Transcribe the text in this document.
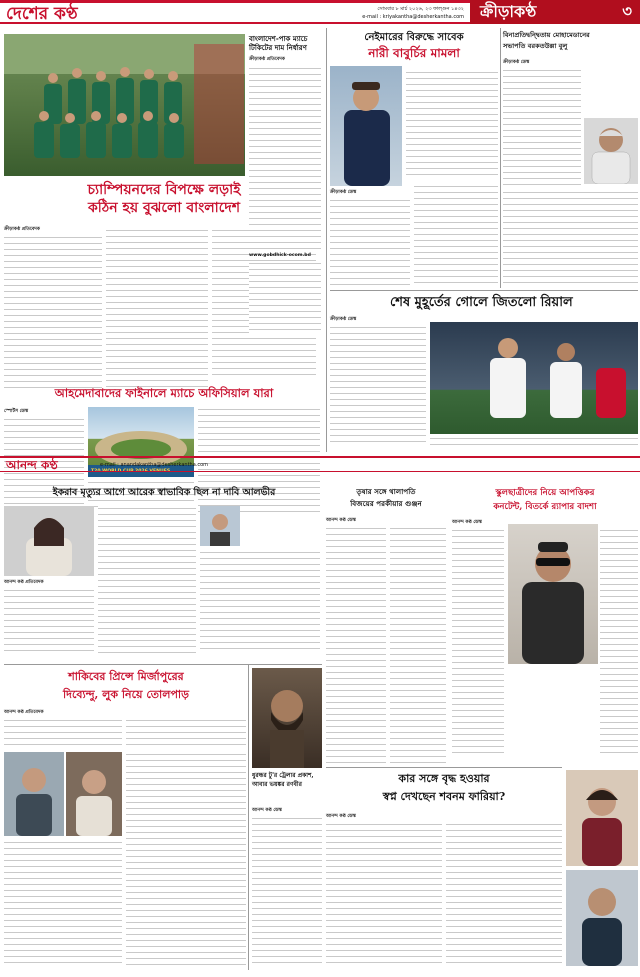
দেশের কণ্ঠ	সোমবার ৮ মার্চ ২০২৬, ২৩ ফাল্গুন ১৪৩২
e-mail : kriyakantha@desherkantha.com ক্রীড়াকণ্ঠ	৩
চ্যাম্পিয়নদের বিপক্ষে লড়াই
কঠিন হয় বুঝলো বাংলাদেশ
ক্রীড়াকণ্ঠ প্রতিবেদক
বাংলাদেশ-পাক ম্যাচে টিকিটের দাম নির্ধারণ
ক্রীড়াকণ্ঠ প্রতিবেদক
www.gobdhick-ocom.bd
আহমেদাবাদের ফাইনালে ম্যাচে অফিসিয়াল যারা
স্পোর্টস ডেস্ক
T20 WORLD CUP 2026 VENUES
নেইমারের বিরুদ্ধে সাবেক
নারী বাবুর্চির মামলা
ক্রীড়াকণ্ঠ ডেস্ক
বিনাপ্রতিদ্বন্দ্বিতায় মোহামেডানের
সভাপতি বরকতউল্লা বুলু
ক্রীড়াকণ্ঠ ডেস্ক
শেষ মুহূর্তের গোলে জিতলো রিয়াল
ক্রীড়াকণ্ঠ ডেস্ক
আনন্দ কণ্ঠ	e-mail : anandakantha@desherkantha.com
ইকরাব মৃত্যুর আগে আরেক স্বাভাবিক ছিল না দাবি আলভীর
আনন্দ কণ্ঠ প্রতিবেদক
তৃষার সঙ্গে থালাপতি
বিজয়ের পরকীয়ার গুঞ্জন
আনন্দ কণ্ঠ ডেস্ক
স্কুলছাত্রীদের নিয়ে আপত্তিকর
কনটেন্ট, বিতর্কে র‌্যাপার বাদশা
আনন্দ কণ্ঠ ডেস্ক
শাকিবের প্রিন্সে মির্জাপুরের
দিব্যেন্দু, লুক নিয়ে তোলপাড়
আনন্দ কণ্ঠ প্রতিবেদক
ধুরন্ধর টু'র ট্রেলার প্রকাশ, আবার ভয়ঙ্কর রণবীর
আনন্দ কণ্ঠ ডেস্ক
কার সঙ্গে বৃদ্ধ হওয়ার
স্বপ্ন দেখছেন শবনম ফারিয়া?
আনন্দ কণ্ঠ ডেস্ক
